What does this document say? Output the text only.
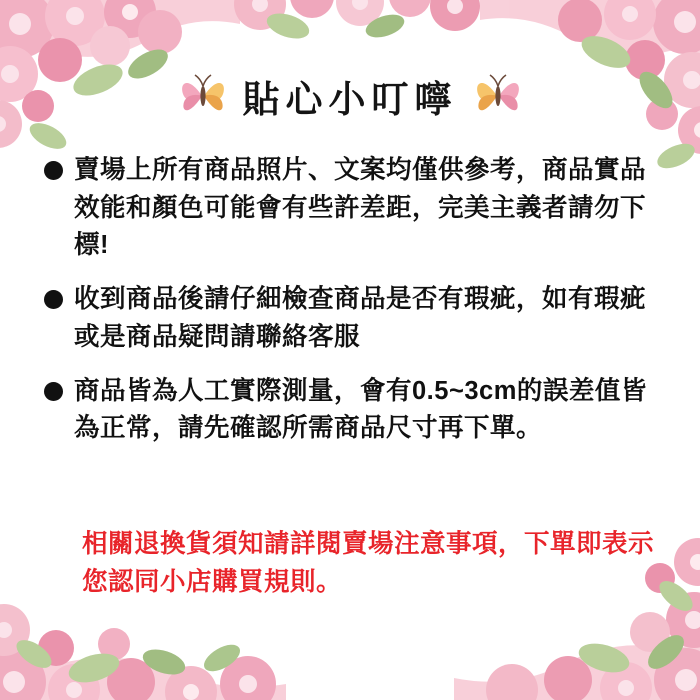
貼心小叮嚀
賣場上所有商品照片、文案均僅供參考，商品實品效能和顏色可能會有些許差距，完美主義者請勿下標!
收到商品後請仔細檢查商品是否有瑕疵，如有瑕疵或是商品疑問請聯絡客服
商品皆為人工實際測量，會有0.5~3cm的誤差值皆為正常，請先確認所需商品尺寸再下單。
相關退換貨須知請詳閱賣場注意事項，下單即表示您認同小店購買規則。
